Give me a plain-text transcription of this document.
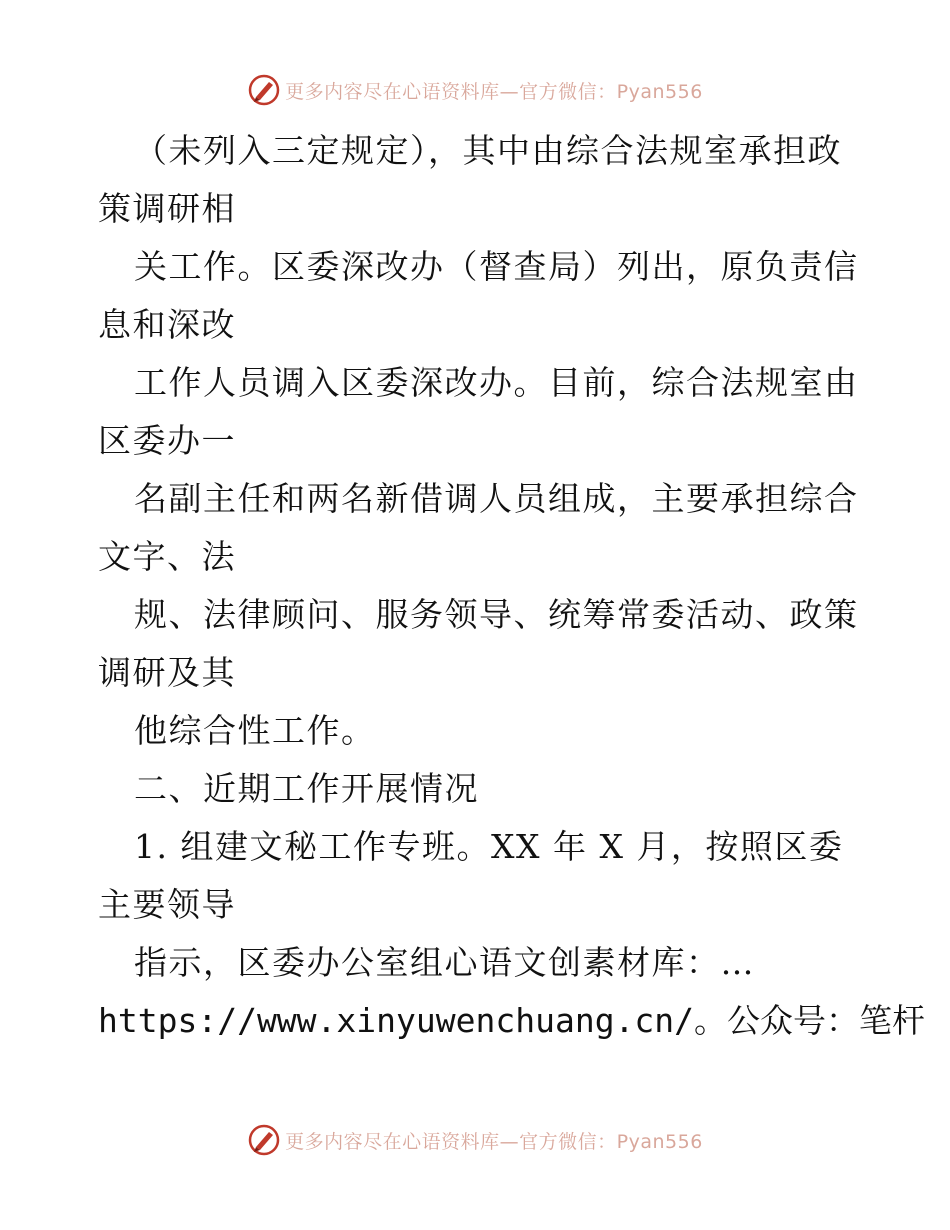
更多内容尽在心语资料库—官方微信：Pyan556
（未列入三定规定），其中由综合法规室承担政
策调研相
关工作。区委深改办（督查局）列出，原负责信
息和深改
工作人员调入区委深改办。目前，综合法规室由
区委办一
名副主任和两名新借调人员组成，主要承担综合
文字、法
规、法律顾问、服务领导、统筹常委活动、政策
调研及其
他综合性工作。
二、近期工作开展情况
1. 组建文秘工作专班。XX 年 X 月，按照区委
主要领导
指示，区委办公室组心语文创素材库：…
https://www.xinyuwenchuang.cn/。公众号：笔杆
更多内容尽在心语资料库—官方微信：Pyan556
